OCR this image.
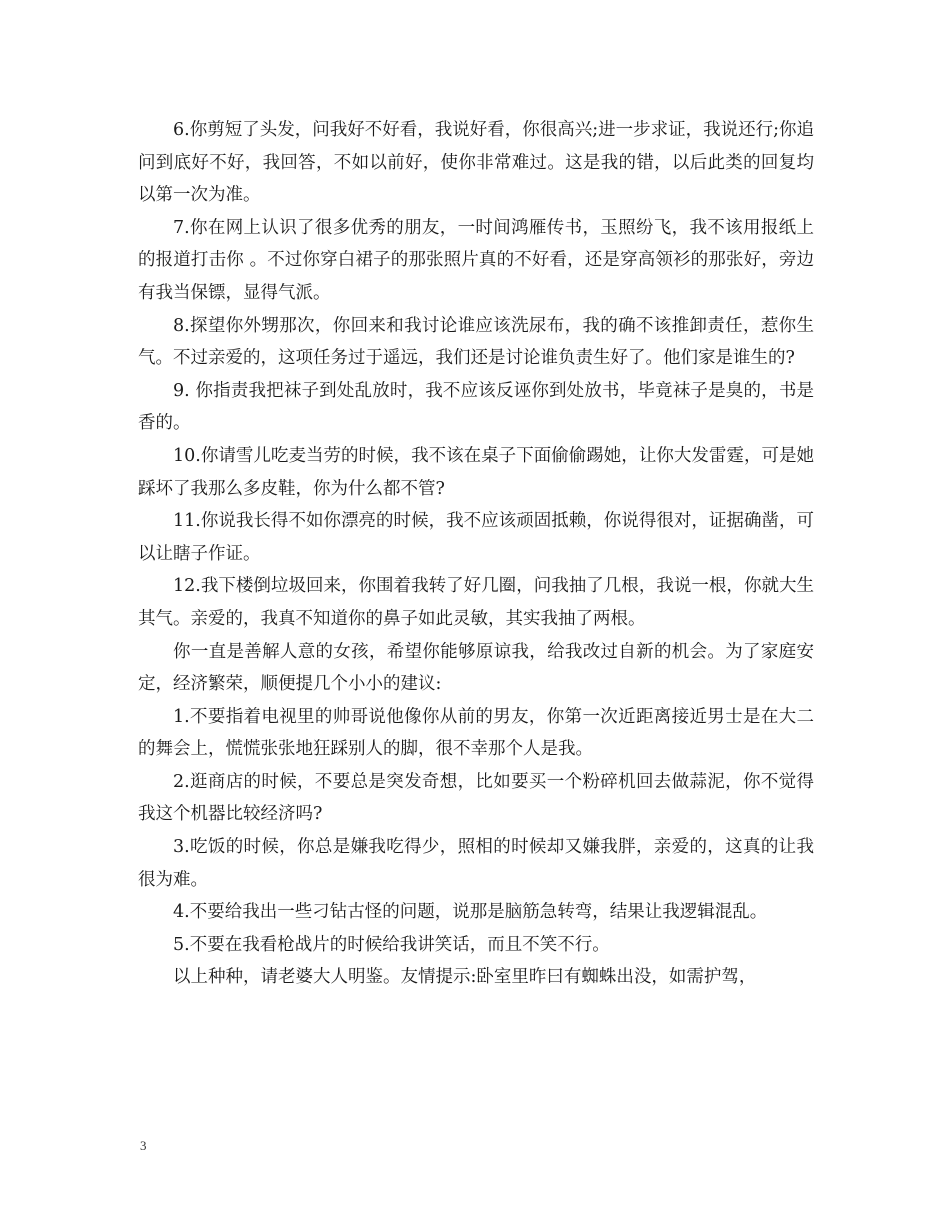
6.你剪短了头发，问我好不好看，我说好看，你很高兴;进一步求证，我说还行;你追问到底好不好，我回答，不如以前好，使你非常难过。这是我的错，以后此类的回复均以第一次为准。

7.你在网上认识了很多优秀的朋友，一时间鸿雁传书，玉照纷飞，我不该用报纸上的报道打击你 。不过你穿白裙子的那张照片真的不好看，还是穿高领衫的那张好，旁边有我当保镖，显得气派。

8.探望你外甥那次，你回来和我讨论谁应该洗尿布，我的确不该推卸责任，惹你生气。不过亲爱的，这项任务过于遥远，我们还是讨论谁负责生好了。他们家是谁生的?

9. 你指责我把袜子到处乱放时，我不应该反诬你到处放书，毕竟袜子是臭的，书是香的。

10.你请雪儿吃麦当劳的时候，我不该在桌子下面偷偷踢她，让你大发雷霆，可是她踩坏了我那么多皮鞋，你为什么都不管?

11.你说我长得不如你漂亮的时候，我不应该顽固抵赖，你说得很对，证据确凿，可以让瞎子作证。

12.我下楼倒垃圾回来，你围着我转了好几圈，问我抽了几根，我说一根，你就大生其气。亲爱的，我真不知道你的鼻子如此灵敏，其实我抽了两根。

你一直是善解人意的女孩，希望你能够原谅我，给我改过自新的机会。为了家庭安定，经济繁荣，顺便提几个小小的建议:

1.不要指着电视里的帅哥说他像你从前的男友，你第一次近距离接近男士是在大二的舞会上，慌慌张张地狂踩别人的脚，很不幸那个人是我。

2.逛商店的时候，不要总是突发奇想，比如要买一个粉碎机回去做蒜泥，你不觉得我这个机器比较经济吗?

3.吃饭的时候，你总是嫌我吃得少，照相的时候却又嫌我胖，亲爱的，这真的让我很为难。

4.不要给我出一些刁钻古怪的问题，说那是脑筋急转弯，结果让我逻辑混乱。

5.不要在我看枪战片的时候给我讲笑话，而且不笑不行。

以上种种，请老婆大人明鉴。友情提示:卧室里昨曰有蜘蛛出没，如需护驾，

3
